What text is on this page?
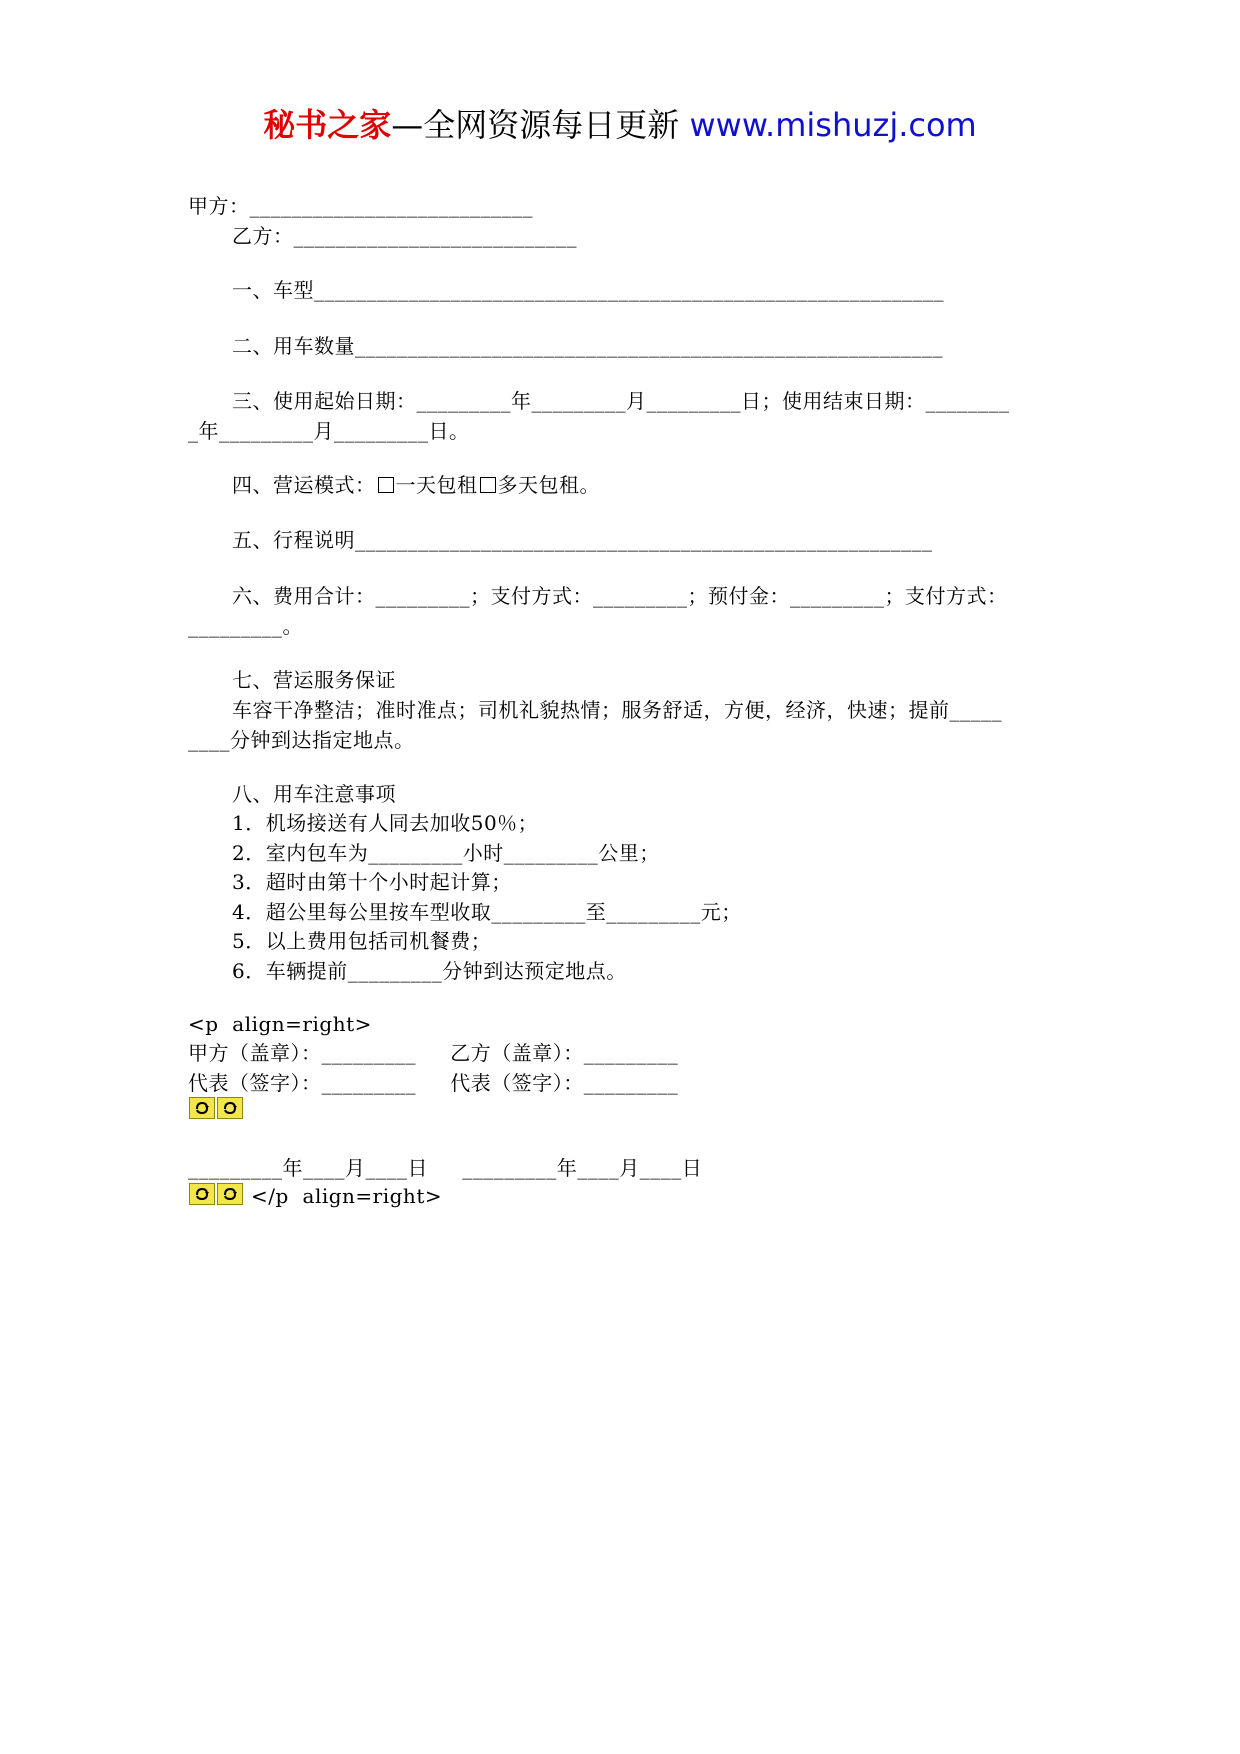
秘书之家—全网资源每日更新 www.mishuzj.com
甲方：___________________________
乙方：___________________________
一、车型____________________________________________________________
二、用车数量________________________________________________________
三、使用起始日期：_________年_________月_________日；使用结束日期：________
_年_________月_________日。
四、营运模式： 一天包租 多天包租。
五、行程说明_______________________________________________________
六、费用合计：_________；支付方式：_________；预付金：_________；支付方式：
_________。
七、营运服务保证
车容干净整洁；准时准点；司机礼貌热情；服务舒适，方便，经济，快速；提前_____
____分钟到达指定地点。
八、用车注意事项
1．机场接送有人同去加收50％；
2．室内包车为_________小时_________公里；
3．超时由第十个小时起计算；
4．超公里每公里按车型收取_________至_________元；
5．以上费用包括司机餐费；
6．车辆提前_________分钟到达预定地点。
<p  align=right>
甲方（盖章）：_________     乙方（盖章）：_________
代表（签字）：_________     代表（签字）：_________
_________年____月____日     _________年____月____日
</p  align=right>
